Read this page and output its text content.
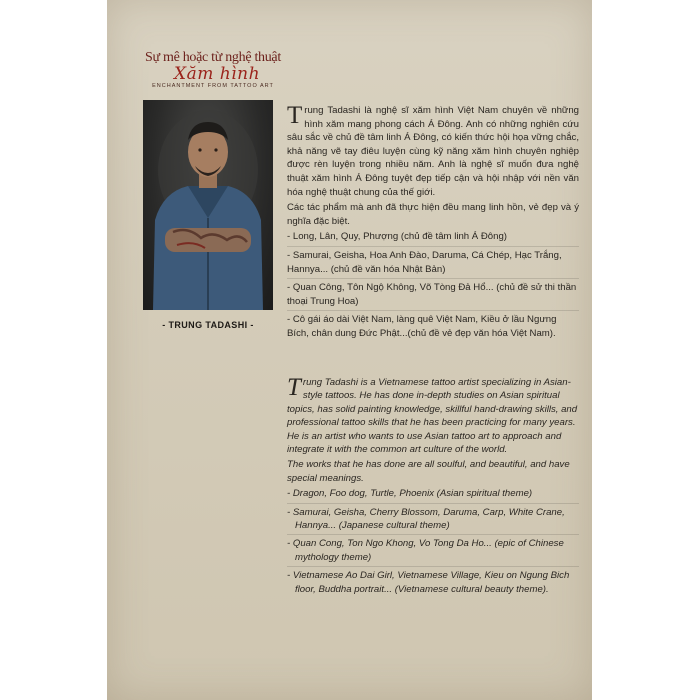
Sự mê hoặc từ nghệ thuật
Xăm hình
ENCHANTMENT FROM TATTOO ART
- TRUNG TADASHI -

Trung Tadashi là nghệ sĩ xăm hình Việt Nam chuyên về những hình xăm mang phong cách Á Đông. Anh có những nghiên cứu sâu sắc về chủ đề tâm linh Á Đông, có kiến thức hội họa vững chắc, khả năng vẽ tay điêu luyện cùng kỹ năng xăm hình chuyên nghiệp được rèn luyện trong nhiều năm. Anh là nghệ sĩ muốn đưa nghệ thuật xăm hình Á Đông tuyệt đẹp tiếp cận và hội nhập với nền văn hóa nghệ thuật chung của thế giới.

Các tác phẩm mà anh đã thực hiện đều mang linh hồn, vẻ đẹp và ý nghĩa đặc biệt.

- Long, Lân, Quy, Phượng (chủ đề tâm linh Á Đông)
- Samurai, Geisha, Hoa Anh Đào, Daruma, Cá Chép, Hạc Trắng, Hannya... (chủ đề văn hóa Nhật Bản)
- Quan Công, Tôn Ngộ Không, Võ Tòng Đả Hổ... (chủ đề sử thi thần thoại Trung Hoa)
- Cô gái áo dài Việt Nam, làng quê Việt Nam, Kiều ở lầu Ngưng Bích, chân dung Đức Phật...(chủ đề vẻ đẹp văn hóa Việt Nam).

Trung Tadashi is a Vietnamese tattoo artist specializing in Asian-style tattoos. He has done in-depth studies on Asian spiritual topics, has solid painting knowledge, skillful hand-drawing skills, and professional tattoo skills that he has been practicing for many years. He is an artist who wants to use Asian tattoo art to approach and integrate it with the common art culture of the world.

The works that he has done are all soulful, and beautiful, and have special meanings.

- Dragon, Foo dog, Turtle, Phoenix (Asian spiritual theme)
- Samurai, Geisha, Cherry Blossom, Daruma, Carp, White Crane, Hannya... (Japanese cultural theme)
- Quan Cong, Ton Ngo Khong, Vo Tong Da Ho... (epic of Chinese mythology theme)
- Vietnamese Ao Dai Girl, Vietnamese Village, Kieu on Ngung Bich floor, Buddha portrait... (Vietnamese cultural beauty theme).
